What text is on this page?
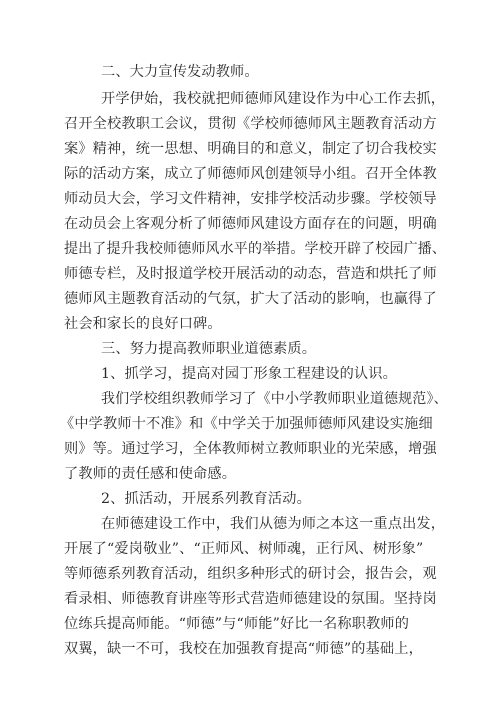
二、大力宣传发动教师。
开学伊始，我校就把师德师风建设作为中心工作去抓，
召开全校教职工会议，贯彻《学校师德师风主题教育活动方
案》精神，统一思想、明确目的和意义，制定了切合我校实
际的活动方案，成立了师德师风创建领导小组。召开全体教
师动员大会，学习文件精神，安排学校活动步骤。学校领导
在动员会上客观分析了师德师风建设方面存在的问题，明确
提出了提升我校师德师风水平的举措。学校开辟了校园广播、
师德专栏，及时报道学校开展活动的动态，营造和烘托了师
德师风主题教育活动的气氛，扩大了活动的影响，也赢得了
社会和家长的良好口碑。
三、努力提高教师职业道德素质。
1、抓学习，提高对园丁形象工程建设的认识。
我们学校组织教师学习了《中小学教师职业道德规范》、
《中学教师十不准》和《中学关于加强师德师风建设实施细
则》等。通过学习，全体教师树立教师职业的光荣感，增强
了教师的责任感和使命感。
2、抓活动，开展系列教育活动。
在师德建设工作中，我们从德为师之本这一重点出发，
开展了“爱岗敬业”、“正师风、树师魂，正行风、树形象”
等师德系列教育活动，组织多种形式的研讨会，报告会，观
看录相、师德教育讲座等形式营造师德建设的氛围。坚持岗
位练兵提高师能。“师德”与“师能”好比一名称职教师的
双翼，缺一不可，我校在加强教育提高“师德”的基础上，
